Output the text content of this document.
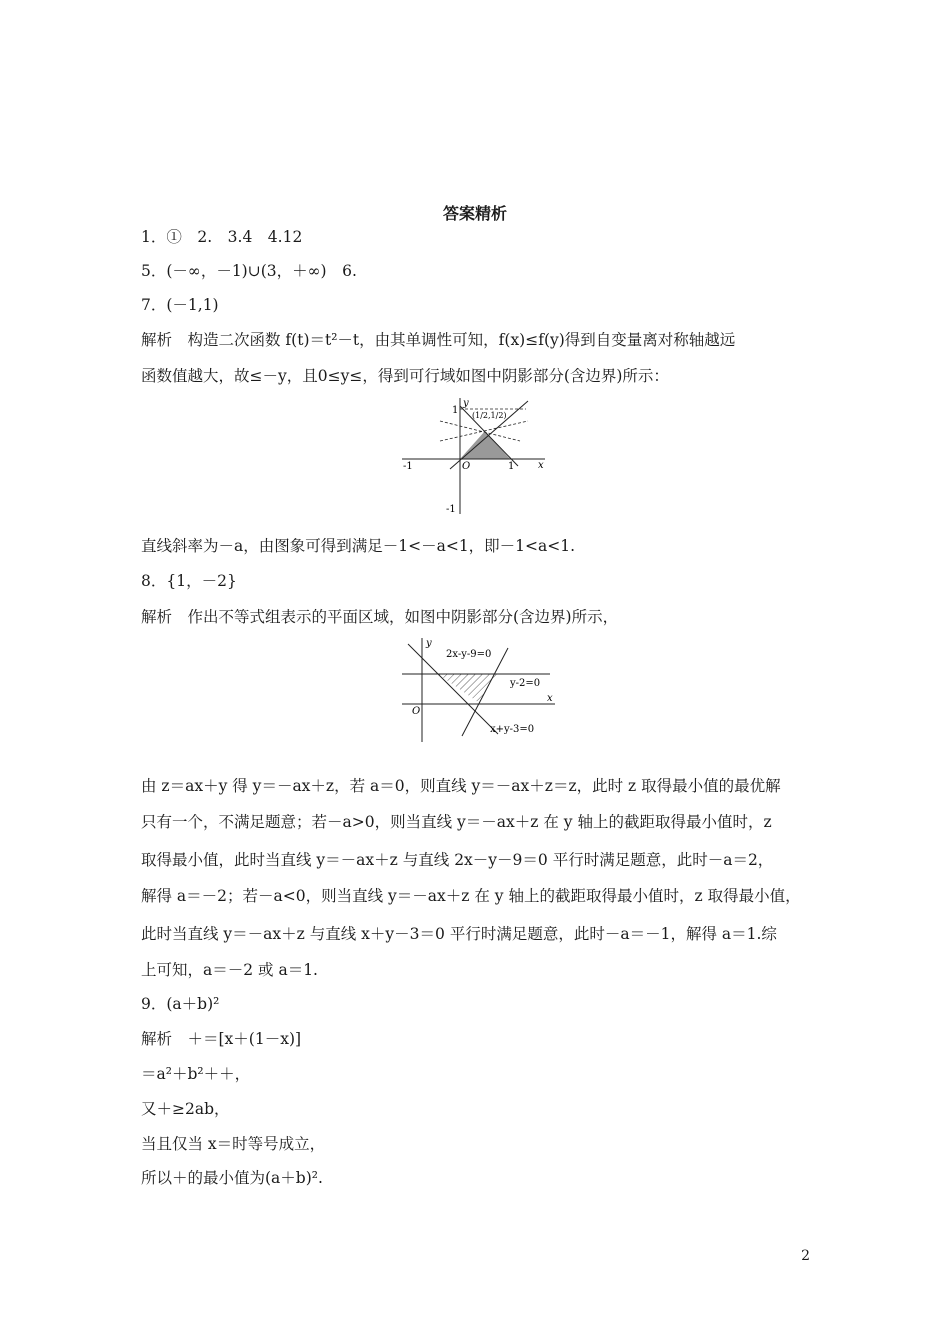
答案精析
1．①　2.　3.4　4.12
5．(－∞，－1)∪(3，＋∞)　6.
7．(－1,1)
解析　构造二次函数 f(t)＝t²－t，由其单调性可知，f(x)≤f(y)得到自变量离对称轴越远
函数值越大，故≤－y，且0≤y≤，得到可行域如图中阴影部分(含边界)所示：
y
x
O
-1	1
1
-1
(1/2,1/2)
直线斜率为－a，由图象可得到满足－1<－a<1，即－1<a<1.
8．{1，－2}
解析　作出不等式组表示的平面区域，如图中阴影部分(含边界)所示，
y
x
O
2x-y-9=0
y-2=0
x+y-3=0
由 z＝ax＋y 得 y＝－ax＋z，若 a＝0，则直线 y＝－ax＋z＝z，此时 z 取得最小值的最优解
只有一个，不满足题意；若－a>0，则当直线 y＝－ax＋z 在 y 轴上的截距取得最小值时，z
取得最小值，此时当直线 y＝－ax＋z 与直线 2x－y－9＝0 平行时满足题意，此时－a＝2，
解得 a＝－2；若－a<0，则当直线 y＝－ax＋z 在 y 轴上的截距取得最小值时，z 取得最小值，
此时当直线 y＝－ax＋z 与直线 x＋y－3＝0 平行时满足题意，此时－a＝－1，解得 a＝1.综
上可知，a＝－2 或 a＝1.
9．(a＋b)²
解析　＋＝[x＋(1－x)]
＝a²＋b²＋＋，
又＋≥2ab，
当且仅当 x＝时等号成立，
所以＋的最小值为(a＋b)².
2
